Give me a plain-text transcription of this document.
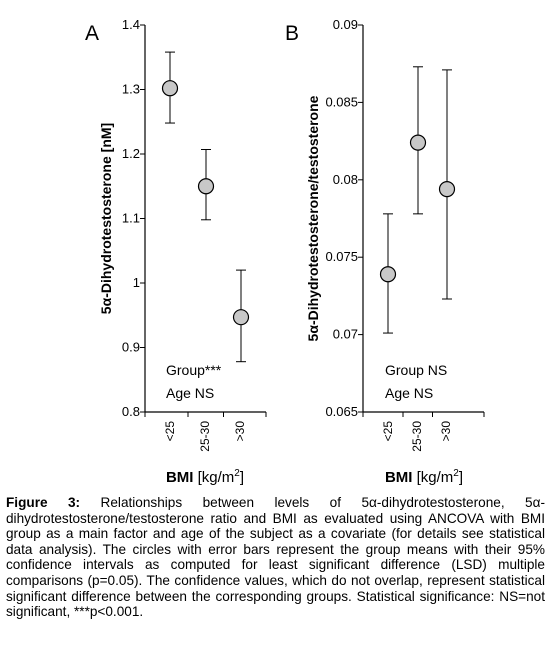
0.8
0.9
1
1.1
1.2
1.3
1.4
<25 25-30 >30
A
5α-Dihydrotestosterone [nM]
Group***
Age NS
BMI $[kg/m^2]$
0.065
0.07
0.075
0.08
0.085
0.09
<25 25-30 >30
B
5α-Dihydrotestosterone/testosterone
Group NS
Age NS
BMI $[kg/m^2]$
Figure 3: Relationships between levels of 5α-dihydrotestosterone, 5α-dihydrotestosterone/testosterone ratio and BMI as evaluated using ANCOVA with BMI group as a main factor and age of the subject as a covariate (for details see statistical data analysis). The circles with error bars represent the group means with their 95% confidence intervals as computed for least significant difference (LSD) multiple comparisons (p=0.05). The confidence values, which do not overlap, represent statistical significant difference between the corresponding groups. Statistical significance: NS=not significant, ***p<0.001.
